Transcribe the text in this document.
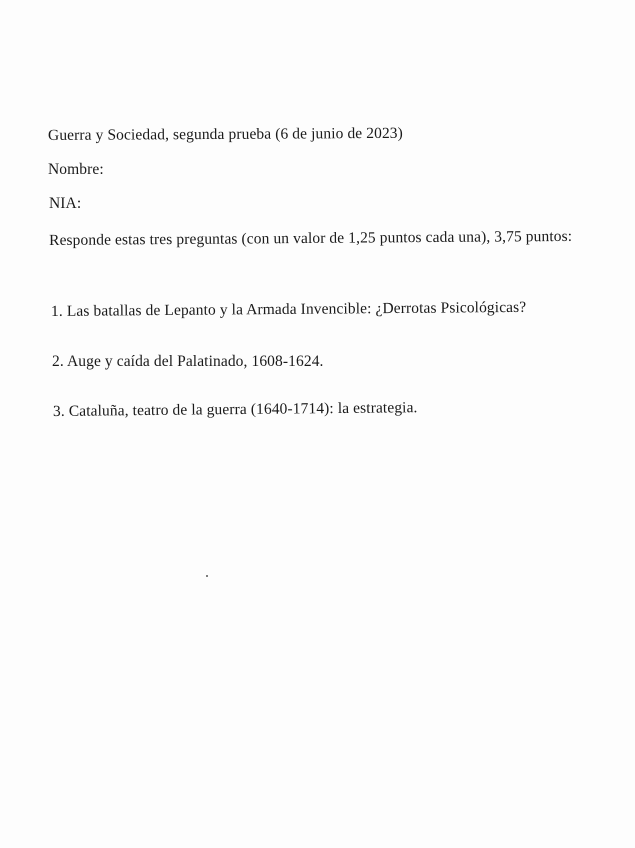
Guerra y Sociedad, segunda prueba (6 de junio de 2023)
Nombre:
NIA:
Responde estas tres preguntas (con un valor de 1,25 puntos cada una), 3,75 puntos:
1. Las batallas de Lepanto y la Armada Invencible: ¿Derrotas Psicológicas?
2. Auge y caída del Palatinado, 1608-1624.
3. Cataluña, teatro de la guerra (1640-1714): la estrategia.
